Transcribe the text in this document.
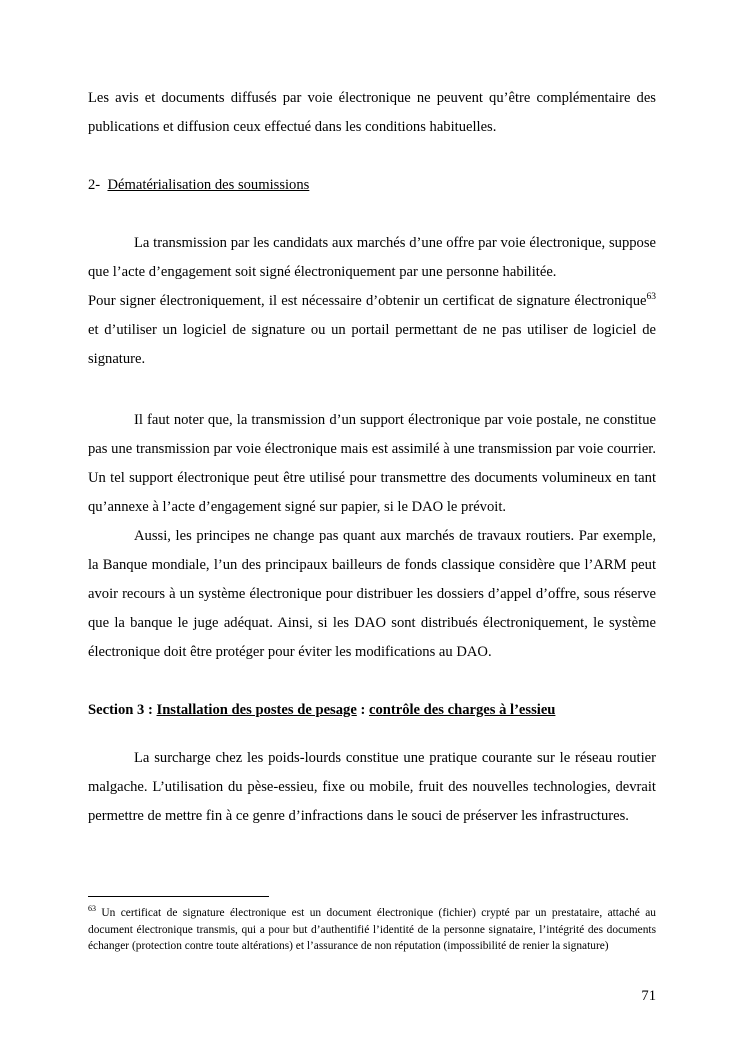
Les avis et documents diffusés par voie électronique ne peuvent qu’être complémentaire des publications et diffusion ceux effectué dans les conditions habituelles.

2- Dématérialisation des soumissions

La transmission par les candidats aux marchés d’une offre par voie électronique, suppose que l’acte d’engagement soit signé électroniquement par une personne habilitée.

Pour signer électroniquement, il est nécessaire d’obtenir un certificat de signature électronique$^{63}$ et d’utiliser un logiciel de signature ou un portail permettant de ne pas utiliser de logiciel de signature.

Il faut noter que, la transmission d’un support électronique par voie postale, ne constitue pas une transmission par voie électronique mais est assimilé à une transmission par voie courrier. Un tel support électronique peut être utilisé pour transmettre des documents volumineux en tant qu’annexe à l’acte d’engagement signé sur papier, si le DAO le prévoit.

Aussi, les principes ne change pas quant aux marchés de travaux routiers. Par exemple, la Banque mondiale, l’un des principaux bailleurs de fonds classique considère que l’ARM peut avoir recours à un système électronique pour distribuer les dossiers d’appel d’offre, sous réserve que la banque le juge adéquat. Ainsi, si les DAO sont distribués électroniquement, le système électronique doit être protéger pour éviter les modifications au DAO.

Section 3 : Installation des postes de pesage : contrôle des charges à l’essieu

La surcharge chez les poids-lourds constitue une pratique courante sur le réseau routier malgache. L’utilisation du pèse-essieu, fixe ou mobile, fruit des nouvelles technologies, devrait permettre de mettre fin à ce genre d’infractions dans le souci de préserver les infrastructures.

$^{63}$ Un certificat de signature électronique est un document électronique (fichier) crypté par un prestataire, attaché au document électronique transmis, qui a pour but d’authentifié l’identité de la personne signataire, l’intégrité des documents échanger (protection contre toute altérations) et l’assurance de non réputation (impossibilité de renier la signature)

71
